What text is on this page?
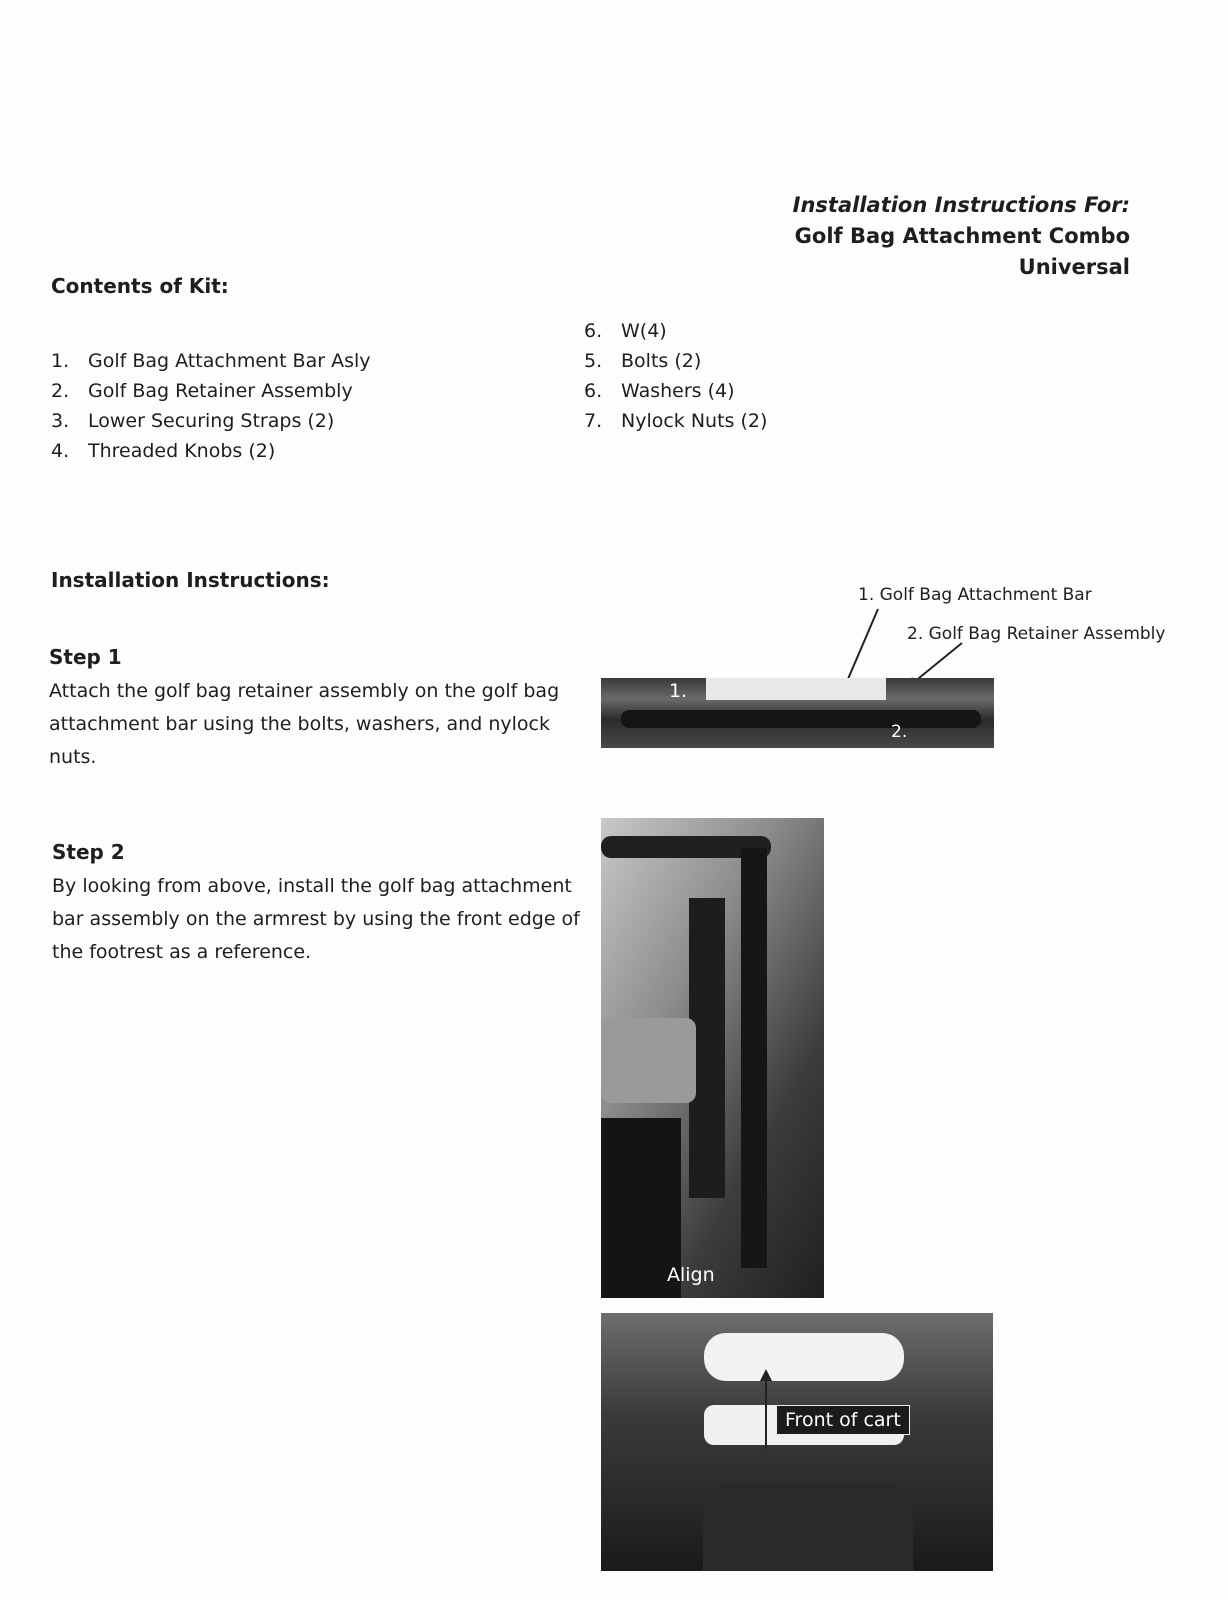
Installation Instructions For:
Golf Bag Attachment Combo
Universal
Contents of Kit:
1. Golf Bag Attachment Bar Asly
2. Golf Bag Retainer Assembly
3. Lower Securing Straps (2)
4. Threaded Knobs (2)
6. W(4)
5. Bolts (2)
6. Washers (4)
7. Nylock Nuts (2)
Installation Instructions:
Step 1
Attach the golf bag retainer assembly on the golf bag attachment bar using the bolts, washers, and nylock nuts.
Step 2
By looking from above, install the golf bag attachment bar assembly on the armrest by using the front edge of the footrest as a reference.
1. Golf Bag Attachment Bar
2. Golf Bag Retainer Assembly
1.
2.
Align
Front of cart
